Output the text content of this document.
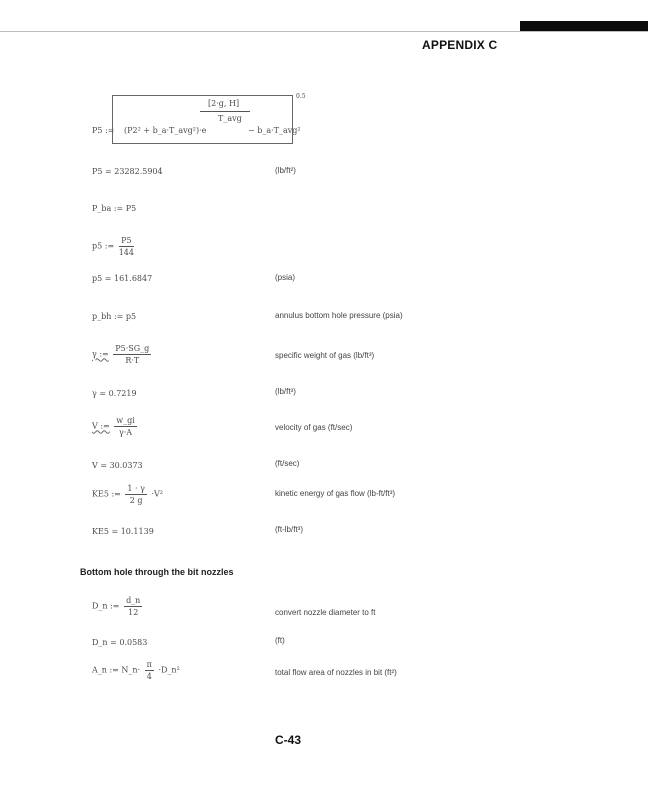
APPENDIX C
P5 :=
0.5
[2·g, H]
T_avg
(P2² + b_a·T_avg²)·e	− b_a·T_avg²
P5 = 23282.5904	(lb/ft²)
P_ba := P5
p5 := $\frac{P5}{144}$
p5 = 161.6847	(psia)
p_bh := p5	annulus bottom hole pressure (psia)
γ := $\frac{P5\cdot SG\_g}{R\cdot T}$	specific weight of gas (lb/ft³)
γ = 0.7219	(lb/ft³)
V := $\frac{w\_gi}{\gamma\cdot A}$	velocity of gas (ft/sec)
V = 30.0373	(ft/sec)
KE5 := $\frac{1 \cdot \gamma}{2 g} \cdot V^2$	kinetic energy of gas flow (lb-ft/ft³)
KE5 = 10.1139	(ft-lb/ft³)
Bottom hole through the bit nozzles
D_n := $\frac{d\_n}{12}$	convert nozzle diameter to ft
D_n = 0.0583	(ft)
A_n := N_n· $\frac{\pi}{4}$ ·D_n²	total flow area of nozzles in bit (ft²)
C-43
